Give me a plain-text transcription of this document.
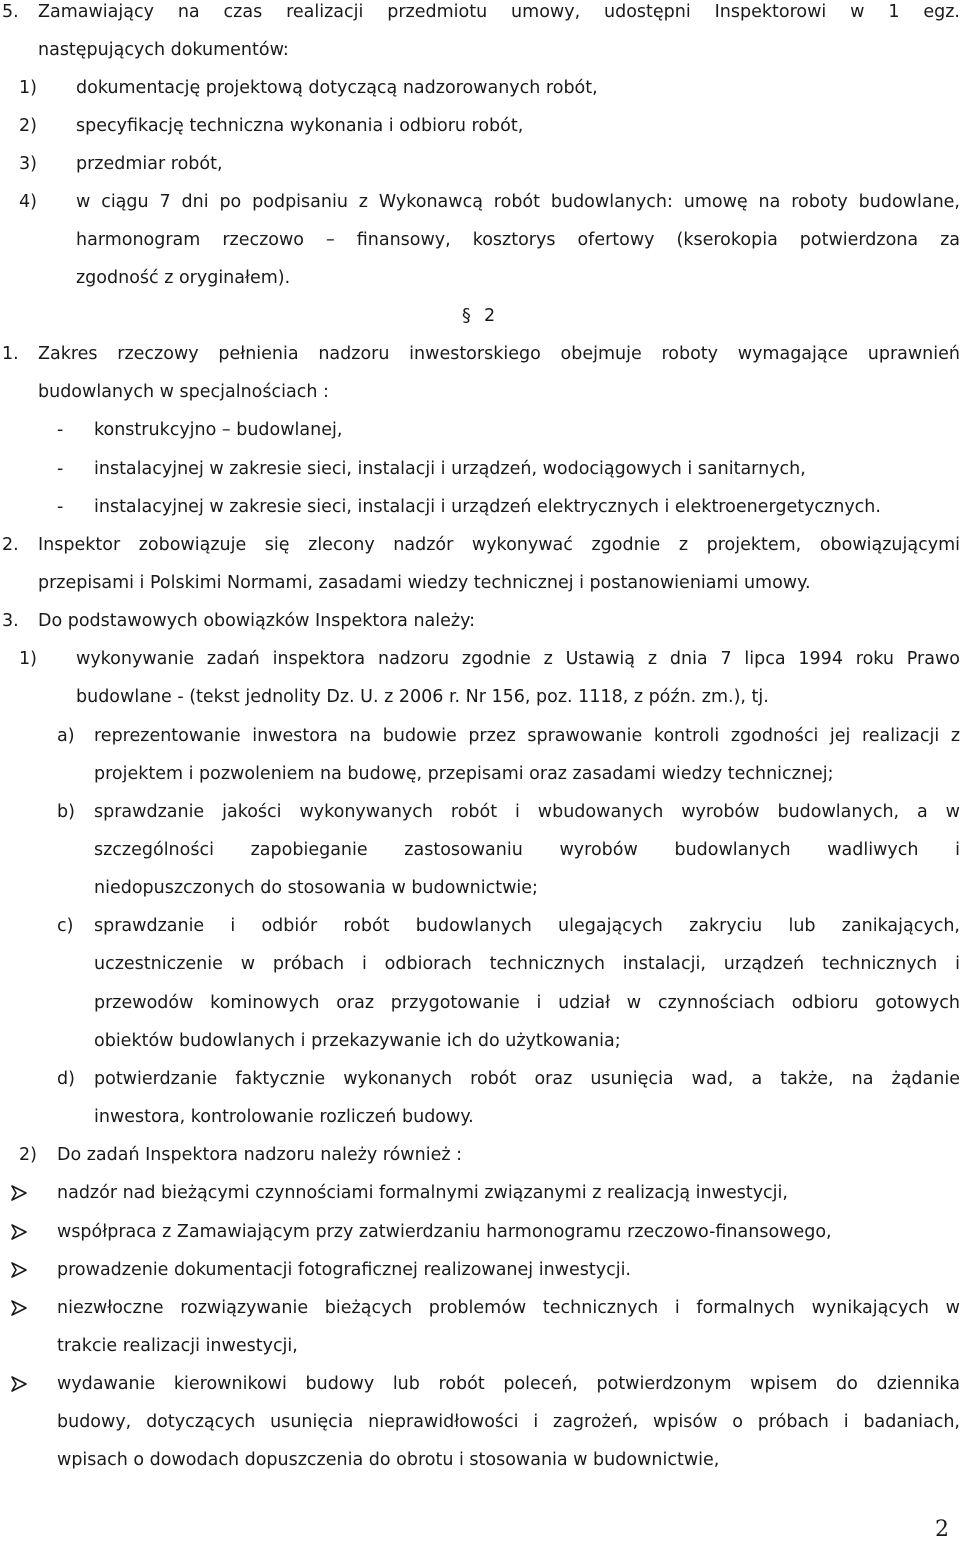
5. Zamawiający na czas realizacji przedmiotu umowy, udostępni Inspektorowi w 1 egz.
następujących dokumentów:
1) dokumentację projektową dotyczącą nadzorowanych robót,
2) specyfikację techniczna wykonania i odbioru robót,
3) przedmiar robót,
4) w ciągu 7 dni po podpisaniu z Wykonawcą robót budowlanych: umowę na roboty budowlane,
harmonogram rzeczowo – finansowy, kosztorys ofertowy (kserokopia potwierdzona za
zgodność z oryginałem).
§ 2
1. Zakres rzeczowy pełnienia nadzoru inwestorskiego obejmuje roboty wymagające uprawnień
budowlanych w specjalnościach :
- konstrukcyjno – budowlanej,
- instalacyjnej w zakresie sieci, instalacji i urządzeń, wodociągowych i sanitarnych,
- instalacyjnej w zakresie sieci, instalacji i urządzeń elektrycznych i elektroenergetycznych.
2. Inspektor zobowiązuje się zlecony nadzór wykonywać zgodnie z projektem, obowiązującymi
przepisami i Polskimi Normami, zasadami wiedzy technicznej i postanowieniami umowy.
3. Do podstawowych obowiązków Inspektora należy:
1) wykonywanie zadań inspektora nadzoru zgodnie z Ustawią z dnia 7 lipca 1994 roku Prawo
budowlane - (tekst jednolity Dz. U. z 2006 r. Nr 156, poz. 1118, z późn. zm.), tj.
a) reprezentowanie inwestora na budowie przez sprawowanie kontroli zgodności jej realizacji z
projektem i pozwoleniem na budowę, przepisami oraz zasadami wiedzy technicznej;
b) sprawdzanie jakości wykonywanych robót i wbudowanych wyrobów budowlanych, a w
szczególności zapobieganie zastosowaniu wyrobów budowlanych wadliwych i
niedopuszczonych do stosowania w budownictwie;
c) sprawdzanie i odbiór robót budowlanych ulegających zakryciu lub zanikających,
uczestniczenie w próbach i odbiorach technicznych instalacji, urządzeń technicznych i
przewodów kominowych oraz przygotowanie i udział w czynnościach odbioru gotowych
obiektów budowlanych i przekazywanie ich do użytkowania;
d) potwierdzanie faktycznie wykonanych robót oraz usunięcia wad, a także, na żądanie
inwestora, kontrolowanie rozliczeń budowy.
2) Do zadań Inspektora nadzoru należy również :
nadzór nad bieżącymi czynnościami formalnymi związanymi z realizacją inwestycji,
współpraca z Zamawiającym przy zatwierdzaniu harmonogramu rzeczowo-finansowego,
prowadzenie dokumentacji fotograficznej realizowanej inwestycji.
niezwłoczne rozwiązywanie bieżących problemów technicznych i formalnych wynikających w
trakcie realizacji inwestycji,
wydawanie kierownikowi budowy lub robót poleceń, potwierdzonym wpisem do dziennika
budowy, dotyczących usunięcia nieprawidłowości i zagrożeń, wpisów o próbach i badaniach,
wpisach o dowodach dopuszczenia do obrotu i stosowania w budownictwie,
2
